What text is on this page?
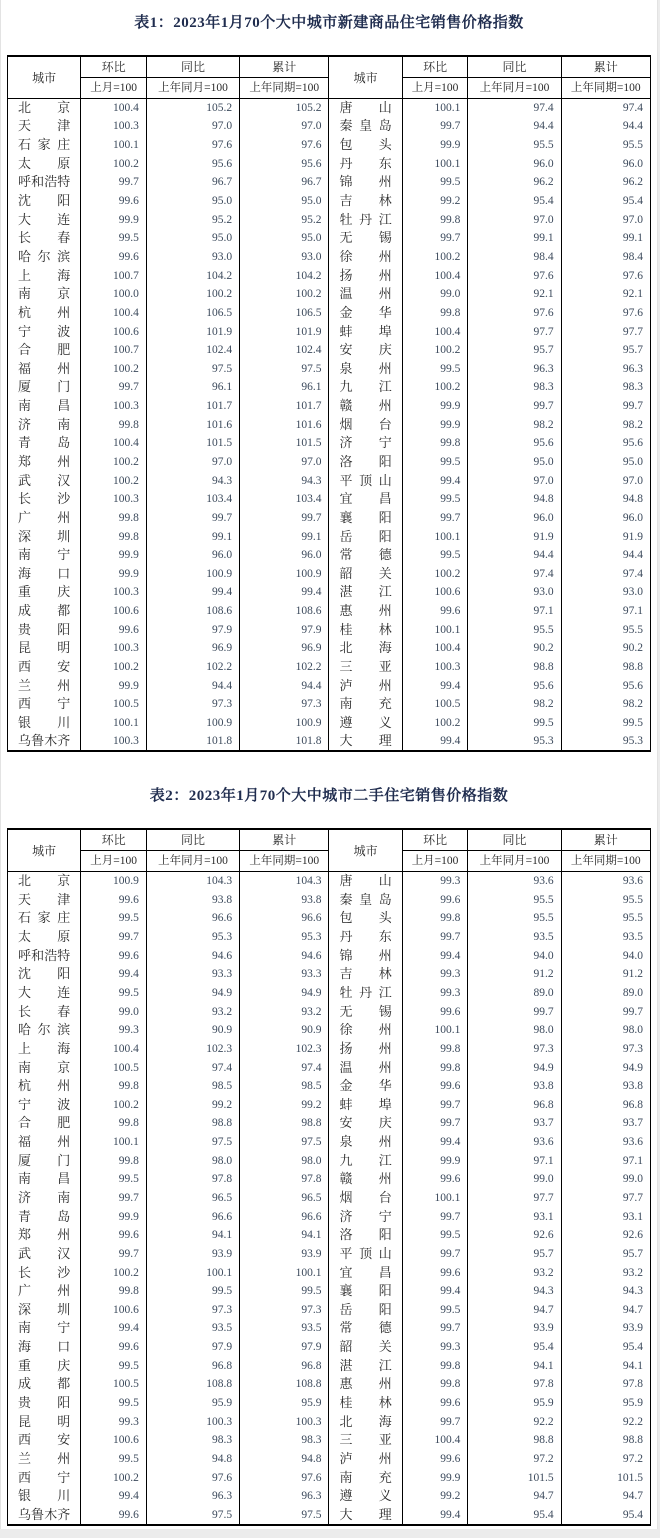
表1：2023年1月70个大中城市新建商品住宅销售价格指数
城市	环比	同比	累计	城市	环比	同比	累计
	上月=100	上年同月=100	上年同期=100		上月=100	上年同月=100	上年同期=100
北京	100.4	105.2	105.2	唐山	100.1	97.4	97.4
天津	100.3	97.0	97.0	秦皇岛	99.7	94.4	94.4
石家庄	100.1	97.6	97.6	包头	99.9	95.5	95.5
太原	100.2	95.6	95.6	丹东	100.1	96.0	96.0
呼和浩特	99.7	96.7	96.7	锦州	99.5	96.2	96.2
沈阳	99.6	95.0	95.0	吉林	99.2	95.4	95.4
大连	99.9	95.2	95.2	牡丹江	99.8	97.0	97.0
长春	99.5	95.0	95.0	无锡	99.7	99.1	99.1
哈尔滨	99.6	93.0	93.0	徐州	100.2	98.4	98.4
上海	100.7	104.2	104.2	扬州	100.4	97.6	97.6
南京	100.0	100.2	100.2	温州	99.0	92.1	92.1
杭州	100.4	106.5	106.5	金华	99.8	97.6	97.6
宁波	100.6	101.9	101.9	蚌埠	100.4	97.7	97.7
合肥	100.7	102.4	102.4	安庆	100.2	95.7	95.7
福州	100.2	97.5	97.5	泉州	99.5	96.3	96.3
厦门	99.7	96.1	96.1	九江	100.2	98.3	98.3
南昌	100.3	101.7	101.7	赣州	99.9	99.7	99.7
济南	99.8	101.6	101.6	烟台	99.9	98.2	98.2
青岛	100.4	101.5	101.5	济宁	99.8	95.6	95.6
郑州	100.2	97.0	97.0	洛阳	99.5	95.0	95.0
武汉	100.2	94.3	94.3	平顶山	99.4	97.0	97.0
长沙	100.3	103.4	103.4	宜昌	99.5	94.8	94.8
广州	99.8	99.7	99.7	襄阳	99.7	96.0	96.0
深圳	99.8	99.1	99.1	岳阳	100.1	91.9	91.9
南宁	99.9	96.0	96.0	常德	99.5	94.4	94.4
海口	99.9	100.9	100.9	韶关	100.2	97.4	97.4
重庆	100.3	99.4	99.4	湛江	100.6	93.0	93.0
成都	100.6	108.6	108.6	惠州	99.6	97.1	97.1
贵阳	99.6	97.9	97.9	桂林	100.1	95.5	95.5
昆明	100.3	96.9	96.9	北海	100.4	90.2	90.2
西安	100.2	102.2	102.2	三亚	100.3	98.8	98.8
兰州	99.9	94.4	94.4	泸州	99.4	95.6	95.6
西宁	100.5	97.3	97.3	南充	100.5	98.2	98.2
银川	100.1	100.9	100.9	遵义	100.2	99.5	99.5
乌鲁木齐	100.3	101.8	101.8	大理	99.4	95.3	95.3
表2：2023年1月70个大中城市二手住宅销售价格指数
城市	环比	同比	累计	城市	环比	同比	累计
	上月=100	上年同月=100	上年同期=100		上月=100	上年同月=100	上年同期=100
北京	100.9	104.3	104.3	唐山	99.3	93.6	93.6
天津	99.6	93.8	93.8	秦皇岛	99.6	95.5	95.5
石家庄	99.5	96.6	96.6	包头	99.8	95.5	95.5
太原	99.7	95.3	95.3	丹东	99.7	93.5	93.5
呼和浩特	99.6	94.6	94.6	锦州	99.4	94.0	94.0
沈阳	99.4	93.3	93.3	吉林	99.3	91.2	91.2
大连	99.5	94.9	94.9	牡丹江	99.3	89.0	89.0
长春	99.0	93.2	93.2	无锡	99.6	99.7	99.7
哈尔滨	99.3	90.9	90.9	徐州	100.1	98.0	98.0
上海	100.4	102.3	102.3	扬州	99.8	97.3	97.3
南京	100.5	97.4	97.4	温州	99.8	94.9	94.9
杭州	99.8	98.5	98.5	金华	99.6	93.8	93.8
宁波	100.2	99.2	99.2	蚌埠	99.7	96.8	96.8
合肥	99.8	98.8	98.8	安庆	99.7	93.7	93.7
福州	100.1	97.5	97.5	泉州	99.4	93.6	93.6
厦门	99.8	98.0	98.0	九江	99.9	97.1	97.1
南昌	99.5	97.8	97.8	赣州	99.6	99.0	99.0
济南	99.7	96.5	96.5	烟台	100.1	97.7	97.7
青岛	99.9	96.6	96.6	济宁	99.7	93.1	93.1
郑州	99.6	94.1	94.1	洛阳	99.5	92.6	92.6
武汉	99.7	93.9	93.9	平顶山	99.7	95.7	95.7
长沙	100.2	100.1	100.1	宜昌	99.6	93.2	93.2
广州	99.8	99.5	99.5	襄阳	99.4	94.3	94.3
深圳	100.6	97.3	97.3	岳阳	99.5	94.7	94.7
南宁	99.4	93.5	93.5	常德	99.7	93.9	93.9
海口	99.6	97.9	97.9	韶关	99.3	95.4	95.4
重庆	99.5	96.8	96.8	湛江	99.8	94.1	94.1
成都	100.5	108.8	108.8	惠州	99.8	97.8	97.8
贵阳	99.5	95.9	95.9	桂林	99.6	95.9	95.9
昆明	99.3	100.3	100.3	北海	99.7	92.2	92.2
西安	100.6	98.3	98.3	三亚	100.4	98.8	98.8
兰州	99.5	94.8	94.8	泸州	99.6	97.2	97.2
西宁	100.2	97.6	97.6	南充	99.9	101.5	101.5
银川	99.4	96.3	96.3	遵义	99.2	94.7	94.7
乌鲁木齐	99.6	97.5	97.5	大理	99.4	95.4	95.4
